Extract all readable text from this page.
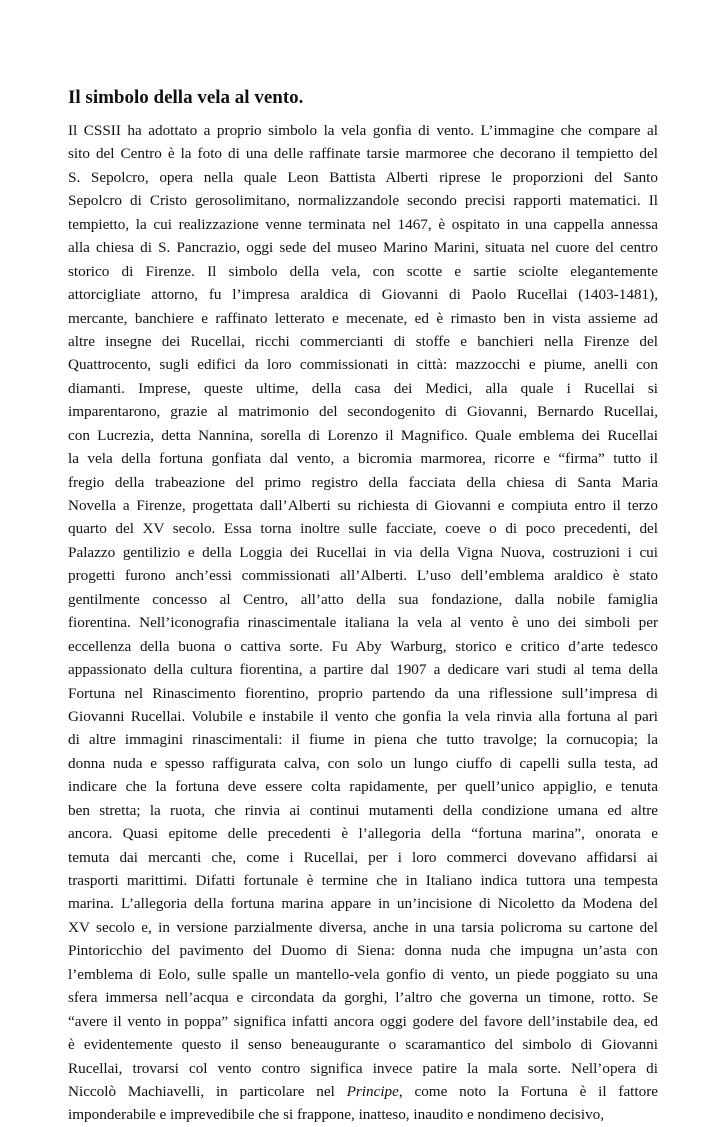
Il simbolo della vela al vento.
Il CSSII ha adottato a proprio simbolo la vela gonfia di vento. L’immagine che compare al
sito del Centro è la foto di una delle raffinate tarsie marmoree che decorano il tempietto del
S. Sepolcro, opera nella quale Leon Battista Alberti riprese le proporzioni del Santo
Sepolcro di Cristo gerosolimitano, normalizzandole secondo precisi rapporti matematici. Il
tempietto, la cui realizzazione venne terminata nel 1467, è ospitato in una cappella annessa
alla chiesa di S. Pancrazio, oggi sede del museo Marino Marini, situata nel cuore del centro
storico di Firenze. Il simbolo della vela, con scotte e sartie sciolte elegantemente
attorcigliate attorno, fu l’impresa araldica di Giovanni di Paolo Rucellai (1403-1481),
mercante, banchiere e raffinato letterato e mecenate, ed è rimasto ben in vista assieme ad
altre insegne dei Rucellai, ricchi commercianti di stoffe e banchieri nella Firenze del
Quattrocento, sugli edifici da loro commissionati in città: mazzocchi e piume, anelli con
diamanti. Imprese, queste ultime, della casa dei Medici, alla quale i Rucellai si
imparentarono, grazie al matrimonio del secondogenito di Giovanni, Bernardo Rucellai,
con Lucrezia, detta Nannina, sorella di Lorenzo il Magnifico. Quale emblema dei Rucellai
la vela della fortuna gonfiata dal vento, a bicromia marmorea, ricorre e “firma” tutto il
fregio della trabeazione del primo registro della facciata della chiesa di Santa Maria
Novella a Firenze, progettata dall’Alberti su richiesta di Giovanni e compiuta entro il terzo
quarto del XV secolo. Essa torna inoltre sulle facciate, coeve o di poco precedenti, del
Palazzo gentilizio e della Loggia dei Rucellai in via della Vigna Nuova, costruzioni i cui
progetti furono anch’essi commissionati all’Alberti. L’uso dell’emblema araldico è stato
gentilmente concesso al Centro, all’atto della sua fondazione, dalla nobile famiglia
fiorentina. Nell’iconografia rinascimentale italiana la vela al vento è uno dei simboli per
eccellenza della buona o cattiva sorte. Fu Aby Warburg, storico e critico d’arte tedesco
appassionato della cultura fiorentina, a partire dal 1907 a dedicare vari studi al tema della
Fortuna nel Rinascimento fiorentino, proprio partendo da una riflessione sull’impresa di
Giovanni Rucellai. Volubile e instabile il vento che gonfia la vela rinvia alla fortuna al pari
di altre immagini rinascimentali: il fiume in piena che tutto travolge; la cornucopia; la
donna nuda e spesso raffigurata calva, con solo un lungo ciuffo di capelli sulla testa, ad
indicare che la fortuna deve essere colta rapidamente, per quell’unico appiglio, e tenuta
ben stretta; la ruota, che rinvia ai continui mutamenti della condizione umana ed altre
ancora. Quasi epitome delle precedenti è l’allegoria della “fortuna marina”, onorata e
temuta dai mercanti che, come i Rucellai, per i loro commerci dovevano affidarsi ai
trasporti marittimi. Difatti fortunale è termine che in Italiano indica tuttora una tempesta
marina. L’allegoria della fortuna marina appare in un’incisione di Nicoletto da Modena del
XV secolo e, in versione parzialmente diversa, anche in una tarsia policroma su cartone del
Pintoricchio del pavimento del Duomo di Siena: donna nuda che impugna un’asta con
l’emblema di Eolo, sulle spalle un mantello-vela gonfio di vento, un piede poggiato su una
sfera immersa nell’acqua e circondata da gorghi, l’altro che governa un timone, rotto. Se
“avere il vento in poppa” significa infatti ancora oggi godere del favore dell’instabile dea, ed
è evidentemente questo il senso beneaugurante o scaramantico del simbolo di Giovanni
Rucellai, trovarsi col vento contro significa invece patire la mala sorte. Nell’opera di
Niccolò Machiavelli, in particolare nel Principe, come noto la Fortuna è il fattore
imponderabile e imprevedibile che si frappone, inatteso, inaudito e nondimeno decisivo,
